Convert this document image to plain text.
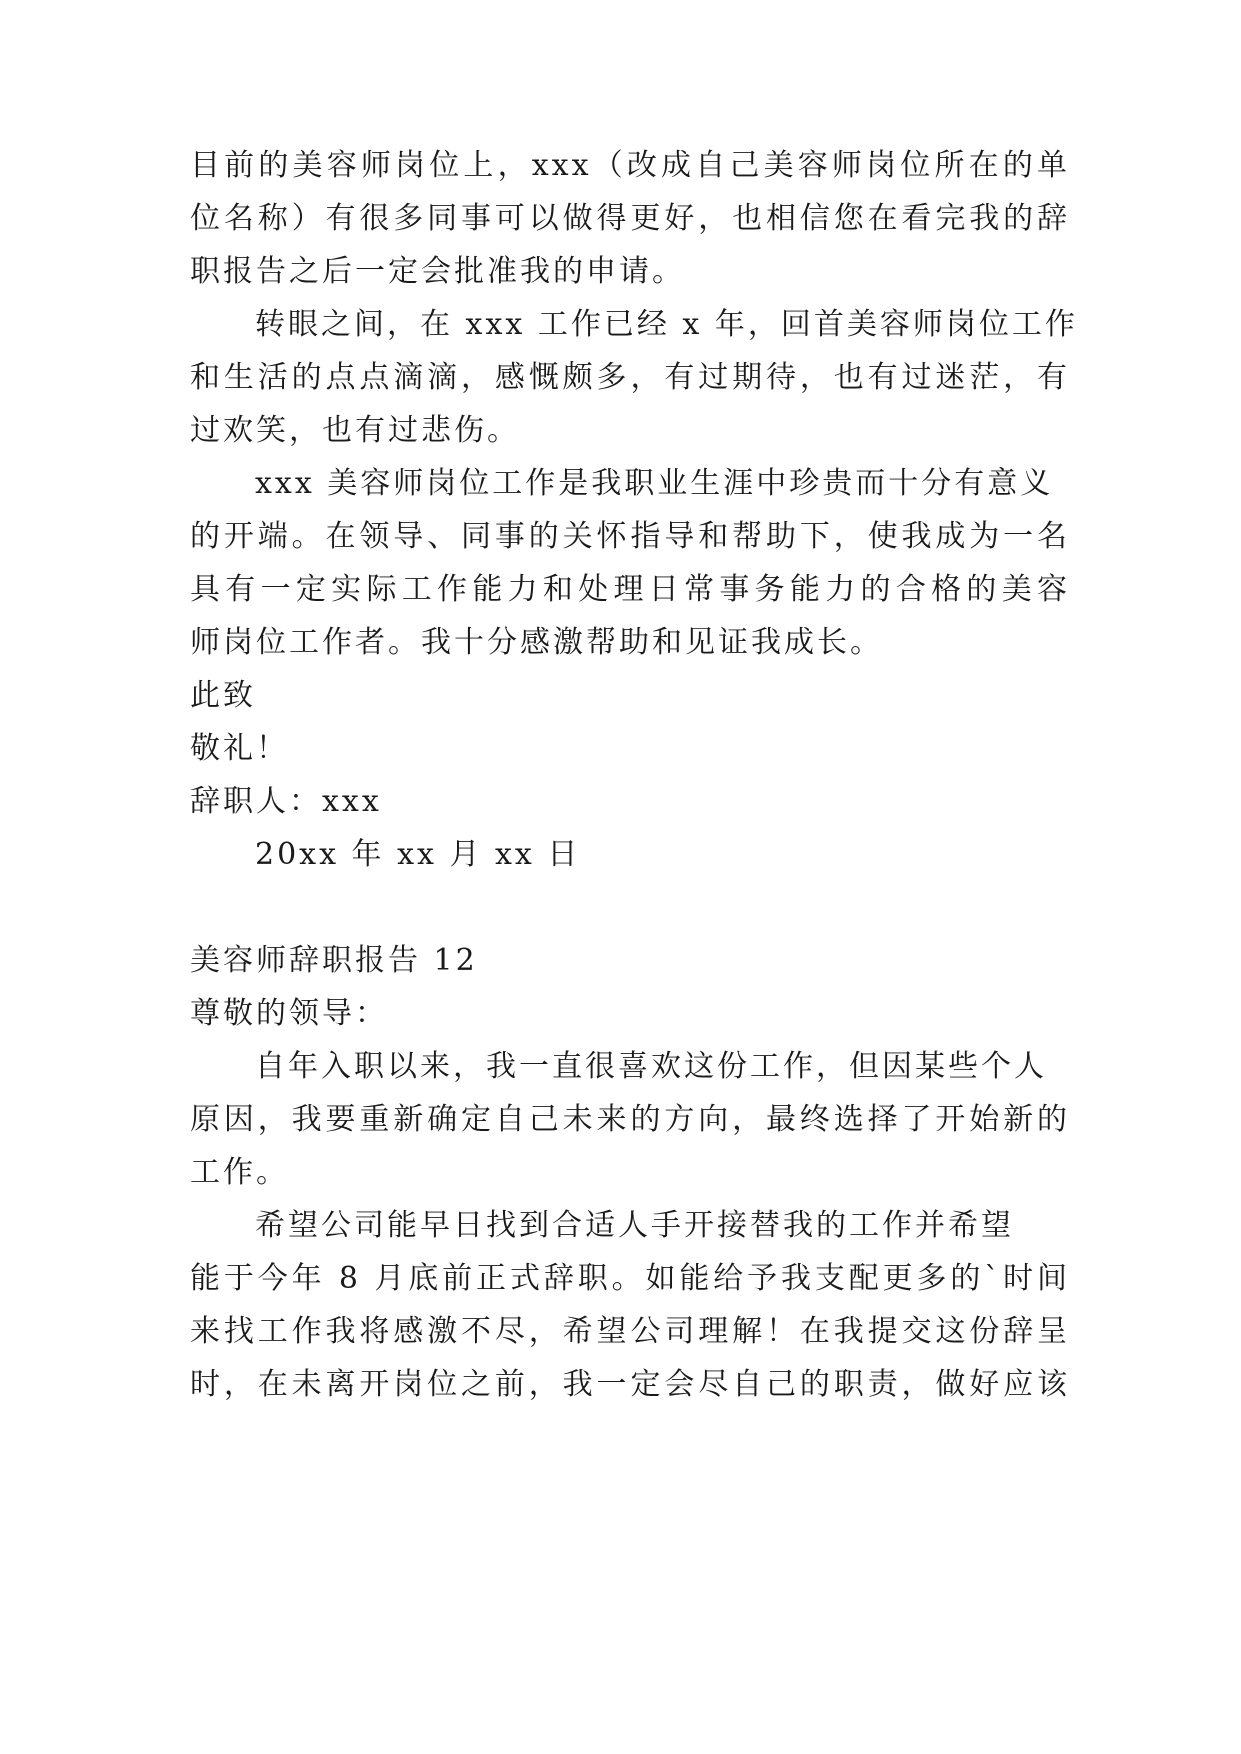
目前的美容师岗位上，xxx（改成自己美容师岗位所在的单
位名称）有很多同事可以做得更好，也相信您在看完我的辞
职报告之后一定会批准我的申请。
转眼之间，在 xxx 工作已经 x 年，回首美容师岗位工作
和生活的点点滴滴，感慨颇多，有过期待，也有过迷茫，有
过欢笑，也有过悲伤。
xxx 美容师岗位工作是我职业生涯中珍贵而十分有意义
的开端。在领导、同事的关怀指导和帮助下，使我成为一名
具有一定实际工作能力和处理日常事务能力的合格的美容
师岗位工作者。我十分感激帮助和见证我成长。
此致
敬礼！
辞职人：xxx
20xx 年 xx 月 xx 日
美容师辞职报告 12
尊敬的领导：
自年入职以来，我一直很喜欢这份工作，但因某些个人
原因，我要重新确定自己未来的方向，最终选择了开始新的
工作。
希望公司能早日找到合适人手开接替我的工作并希望
能于今年 8 月底前正式辞职。如能给予我支配更多的`时间
来找工作我将感激不尽，希望公司理解！在我提交这份辞呈
时，在未离开岗位之前，我一定会尽自己的职责，做好应该
